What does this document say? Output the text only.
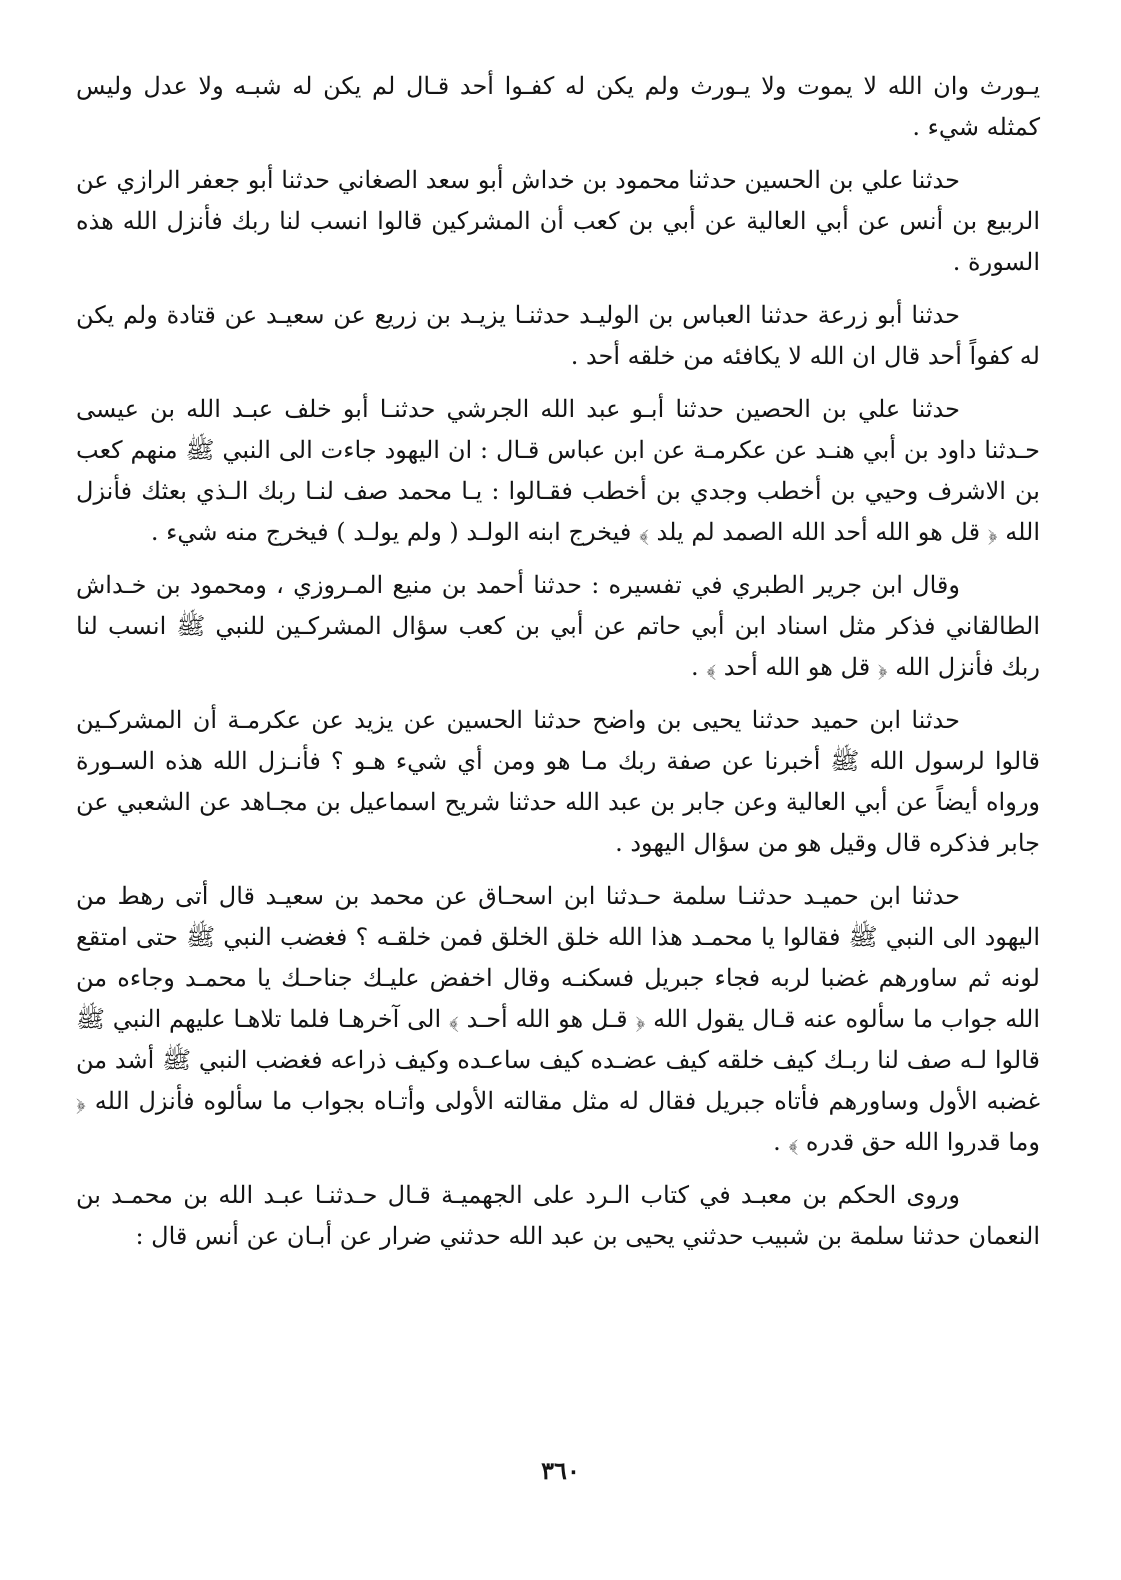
يـورث وان الله لا يموت ولا يـورث ولم يكن له كفـوا أحد قـال لم يكن له شبـه ولا عدل وليس كمثله شيء .

حدثنا علي بن الحسين حدثنا محمود بن خداش أبو سعد الصغاني حدثنا أبو جعفر الرازي عن الربيع بن أنس عن أبي العالية عن أبي بن كعب أن المشركين قالوا انسب لنا ربك فأنزل الله هذه السورة .

حدثنا أبو زرعة حدثنا العباس بن الوليـد حدثنـا يزيـد بن زريع عن سعيـد عن قتادة ولم يكن له كفواً أحد قال ان الله لا يكافئه من خلقه أحد .

حدثنا علي بن الحصين حدثنا أبـو عبد الله الجرشي حدثنـا أبو خلف عبـد الله بن عيسى حـدثنا داود بن أبي هنـد عن عكرمـة عن ابن عباس قـال : ان اليهود جاءت الى النبي ﷺ منهم كعب بن الاشرف وحيي بن أخطب وجدي بن أخطب فقـالوا : يـا محمد صف لنـا ربك الـذي بعثك فأنزل الله ﴿ قل هو الله أحد الله الصمد لم يلد ﴾ فيخرج ابنه الولـد ( ولم يولـد ) فيخرج منه شيء .

وقال ابن جرير الطبري في تفسيره : حدثنا أحمد بن منيع المـروزي ، ومحمود بن خـداش الطالقاني فذكر مثل اسناد ابن أبي حاتم عن أبي بن كعب سؤال المشركـين للنبي ﷺ انسب لنا ربك فأنزل الله ﴿ قل هو الله أحد ﴾ .

حدثنا ابن حميد حدثنا يحيى بن واضح حدثنا الحسين عن يزيد عن عكرمـة أن المشركـين قالوا لرسول الله ﷺ أخبرنا عن صفة ربك مـا هو ومن أي شيء هـو ؟ فأنـزل الله هذه السـورة ورواه أيضاً عن أبي العالية وعن جابر بن عبد الله حدثنا شريح اسماعيل بن مجـاهد عن الشعبي عن جابر فذكره قال وقيل هو من سؤال اليهود .

حدثنا ابن حميـد حدثنـا سلمة حـدثنا ابن اسحـاق عن محمد بن سعيـد قال أتى رهط من اليهود الى النبي ﷺ فقالوا يا محمـد هذا الله خلق الخلق فمن خلقـه ؟ فغضب النبي ﷺ حتى امتقع لونه ثم ساورهم غضبا لربه فجاء جبريل فسكنـه وقال اخفض عليـك جناحـك يا محمـد وجاءه من الله جواب ما سألوه عنه قـال يقول الله ﴿ قـل هو الله أحـد ﴾ الى آخرهـا فلما تلاهـا عليهم النبي ﷺ قالوا لـه صف لنا ربـك كيف خلقه كيف عضـده كيف ساعـده وكيف ذراعه فغضب النبي ﷺ أشد من غضبه الأول وساورهم فأتاه جبريل فقال له مثل مقالته الأولى وأتـاه بجواب ما سألوه فأنزل الله ﴿ وما قدروا الله حق قدره ﴾ .

وروى الحكم بن معبـد في كتاب الـرد على الجهميـة قـال حـدثنـا عبـد الله بن محمـد بن النعمان حدثنا سلمة بن شبيب حدثني يحيى بن عبد الله حدثني ضرار عن أبـان عن أنس قال :

٣٦٠
